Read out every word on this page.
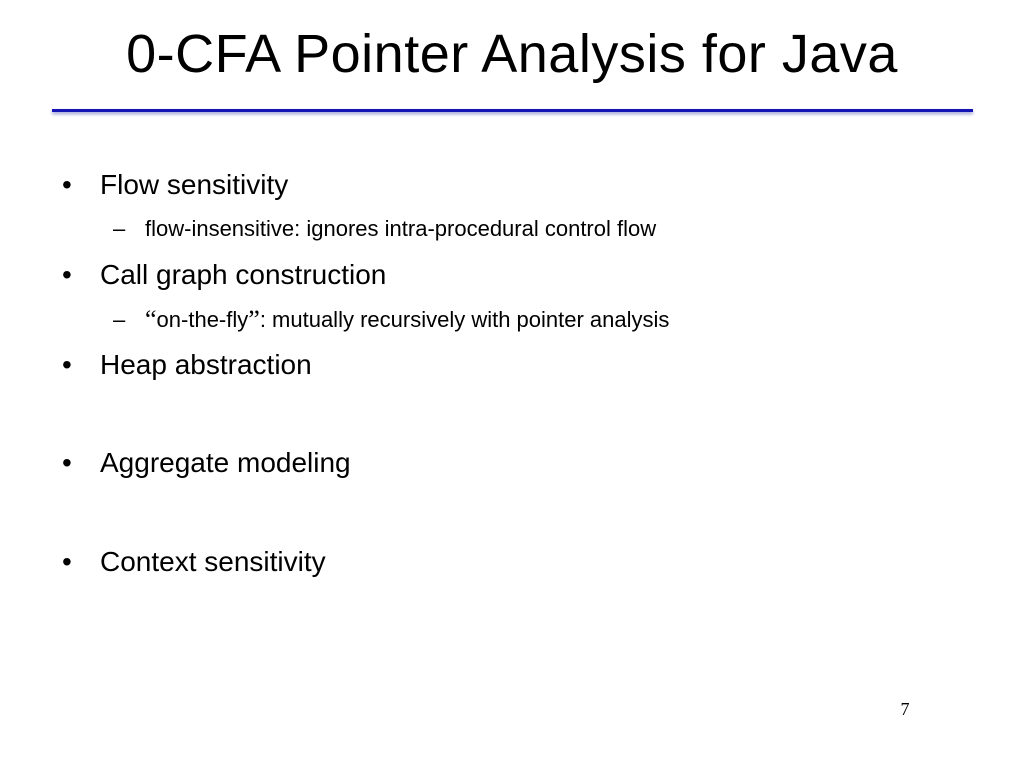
0-CFA Pointer Analysis for Java
• Flow sensitivity
– flow-insensitive: ignores intra-procedural control flow
• Call graph construction
– “on-the-fly”: mutually recursively with pointer analysis
• Heap abstraction
• Aggregate modeling
• Context sensitivity
7
